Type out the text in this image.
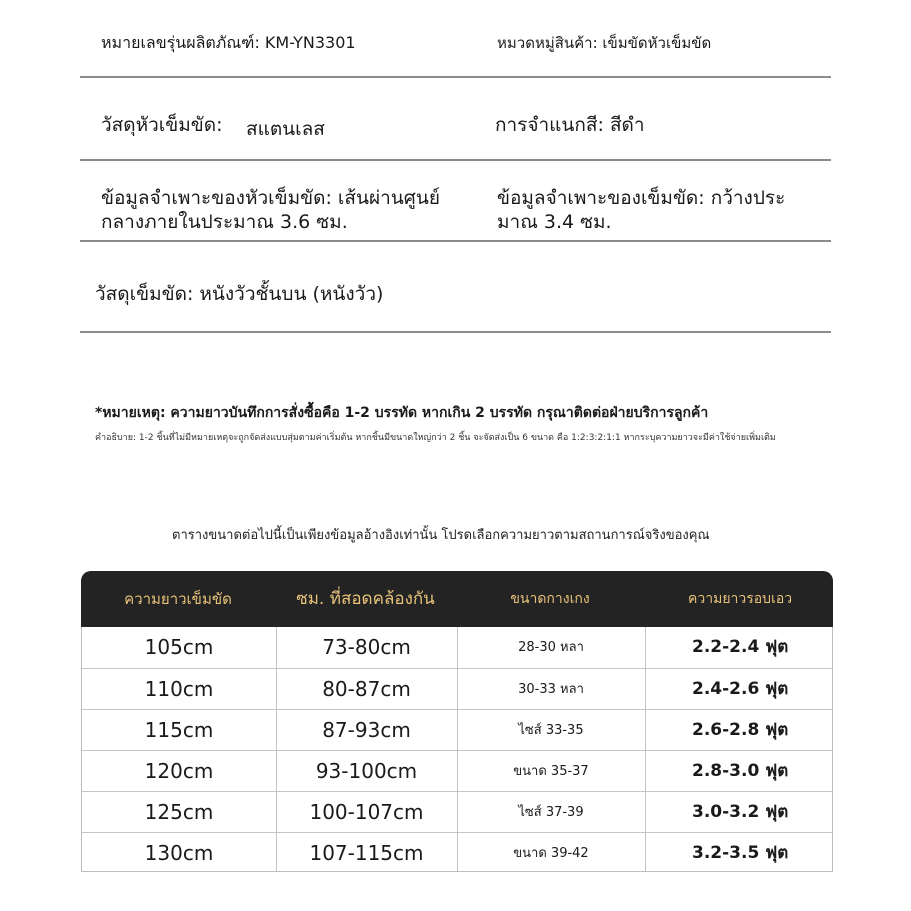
หมายเลขรุ่นผลิตภัณฑ์: KM-YN3301	หมวดหมู่สินค้า: เข็มขัดหัวเข็มขัด
วัสดุหัวเข็มขัด: สแตนเลส	การจำแนกสี: สีดำ
ข้อมูลจำเพาะของหัวเข็มขัด: เส้นผ่านศูนย์
กลางภายในประมาณ 3.6 ซม.
ข้อมูลจำเพาะของเข็มขัด: กว้างประ
มาณ 3.4 ซม.
วัสดุเข็มขัด: หนังวัวชั้นบน (หนังวัว)
*หมายเหตุ: ความยาวบันทึกการสั่งซื้อคือ 1-2 บรรทัด หากเกิน 2 บรรทัด กรุณาติดต่อฝ่ายบริการลูกค้า
คำอธิบาย: 1-2 ชิ้นที่ไม่มีหมายเหตุจะถูกจัดส่งแบบสุ่มตามค่าเริ่มต้น หากชิ้นมีขนาดใหญ่กว่า 2 ชิ้น จะจัดส่งเป็น 6 ขนาด คือ 1:2:3:2:1:1 หากระบุความยาวจะมีค่าใช้จ่ายเพิ่มเติม
ตารางขนาดต่อไปนี้เป็นเพียงข้อมูลอ้างอิงเท่านั้น โปรดเลือกความยาวตามสถานการณ์จริงของคุณ
ความยาวเข็มขัด	ซม. ที่สอดคล้องกัน	ขนาดกางเกง	ความยาวรอบเอว
105cm	73-80cm	28-30 หลา	2.2-2.4 ฟุต
110cm	80-87cm	30-33 หลา	2.4-2.6 ฟุต
115cm	87-93cm	ไซส์ 33-35	2.6-2.8 ฟุต
120cm	93-100cm	ขนาด 35-37	2.8-3.0 ฟุต
125cm	100-107cm	ไซส์ 37-39	3.0-3.2 ฟุต
130cm	107-115cm	ขนาด 39-42	3.2-3.5 ฟุต
